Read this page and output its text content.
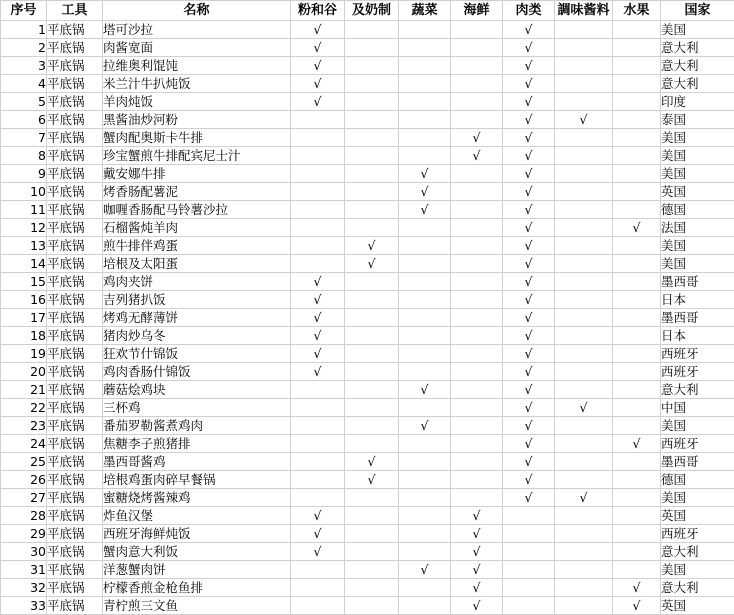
序号	工具	名称	粉和谷	及奶制	蔬菜	海鲜	肉类	調味酱料	水果	国家
1	平底锅	塔可沙拉	√				√			美国
2	平底锅	肉酱宽面	√				√			意大利
3	平底锅	拉维奥利馄饨	√				√			意大利
4	平底锅	米兰汁牛扒炖饭	√				√			意大利
5	平底锅	羊肉炖饭	√				√			印度
6	平底锅	黑酱油炒河粉					√	√		泰国
7	平底锅	蟹肉配奥斯卡牛排				√	√			美国
8	平底锅	珍宝蟹煎牛排配宾尼士汁				√	√			美国
9	平底锅	戴安娜牛排			√		√			美国
10	平底锅	烤香肠配薯泥			√		√			英国
11	平底锅	咖喱香肠配马铃薯沙拉			√		√			德国
12	平底锅	石榴酱炖羊肉					√		√	法国
13	平底锅	煎牛排伴鸡蛋		√			√			美国
14	平底锅	培根及太阳蛋		√			√			美国
15	平底锅	鸡肉夹饼	√				√			墨西哥
16	平底锅	吉列猪扒饭	√				√			日本
17	平底锅	烤鸡无酵薄饼	√				√			墨西哥
18	平底锅	猪肉炒乌冬	√				√			日本
19	平底锅	狂欢节什锦饭	√				√			西班牙
20	平底锅	鸡肉香肠什锦饭	√				√			西班牙
21	平底锅	蘑菇烩鸡块			√		√			意大利
22	平底锅	三杯鸡					√	√		中国
23	平底锅	番茄罗勒酱煮鸡肉			√		√			美国
24	平底锅	焦糖李子煎猪排					√		√	西班牙
25	平底锅	墨西哥酱鸡		√			√			墨西哥
26	平底锅	培根鸡蛋肉碎早餐锅		√			√			德国
27	平底锅	蜜糖烧烤酱辣鸡					√	√		美国
28	平底锅	炸鱼汉堡	√			√				英国
29	平底锅	西班牙海鲜炖饭	√			√				西班牙
30	平底锅	蟹肉意大利饭	√			√				意大利
31	平底锅	洋葱蟹肉饼			√	√				美国
32	平底锅	柠檬香煎金枪鱼排				√			√	意大利
33	平底锅	青柠煎三文鱼				√			√	英国
